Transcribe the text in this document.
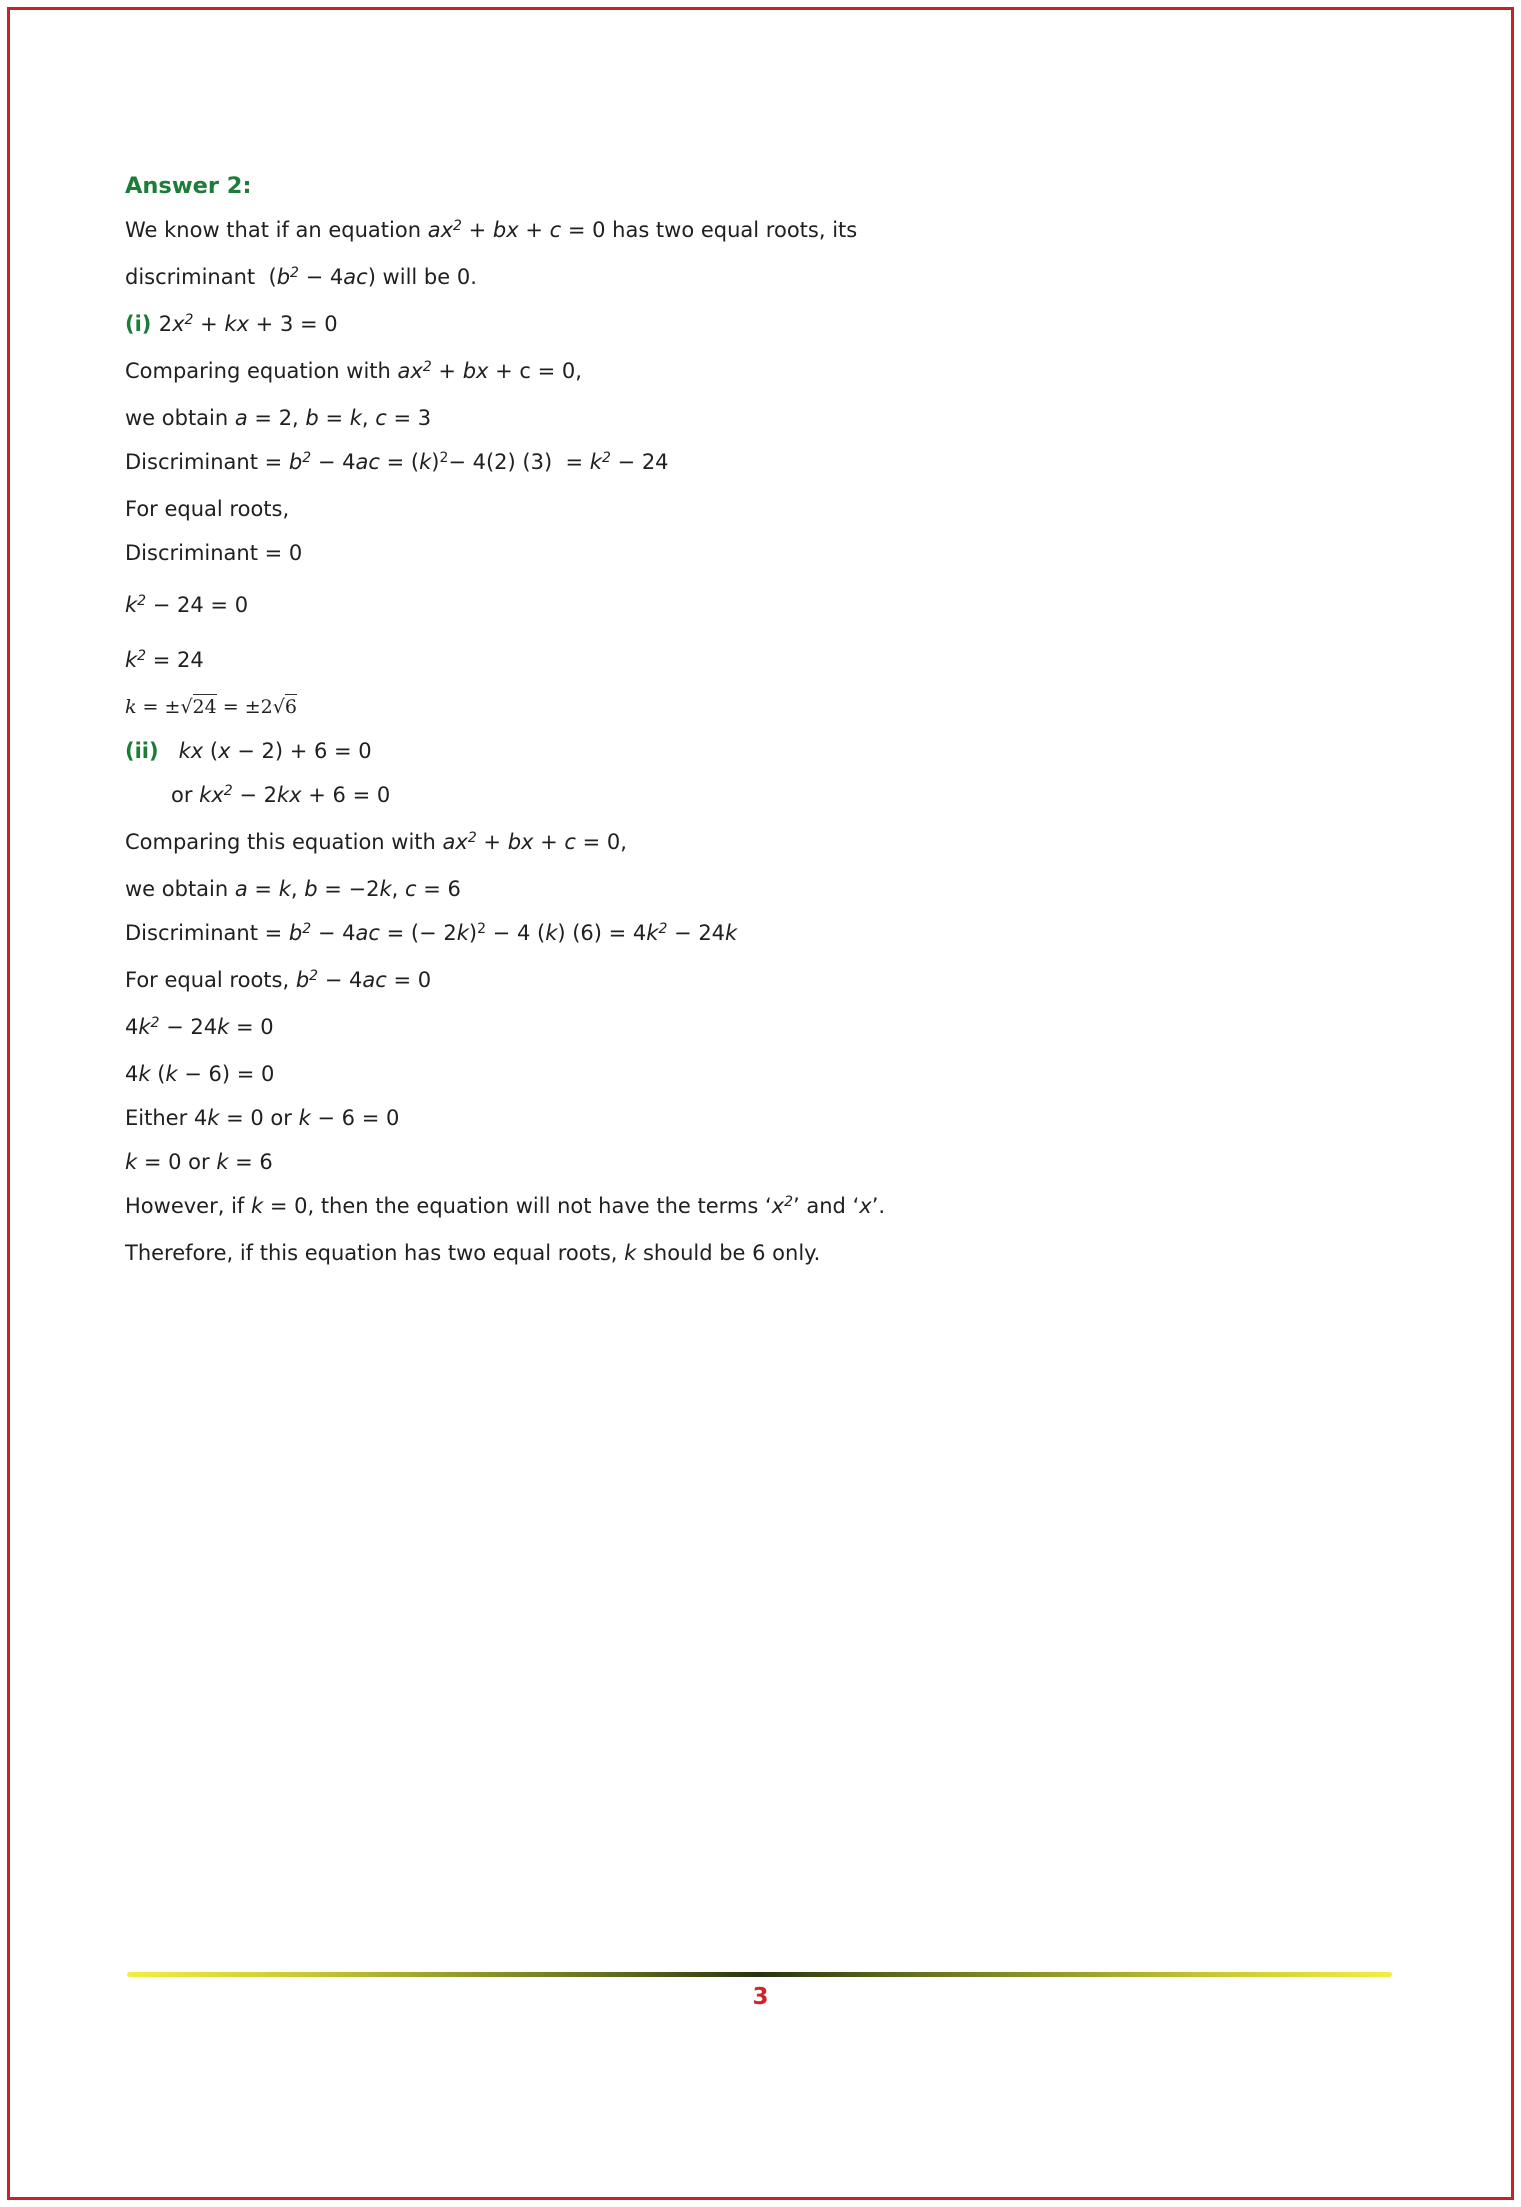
Answer 2:

We know that if an equation $ax^2$ + bx + c = 0 has two equal roots, its discriminant  $(b^2 - 4ac)$ will be 0.

(i) $2x^2$ + kx + 3 = 0

Comparing equation with $ax^2$ + bx + c = 0,

we obtain a = 2, b = k, c = 3

Discriminant = $b^2 - 4ac = (k)^2- 4(2) (3) = k^2 - 24$

For equal roots,

Discriminant = 0

$k^2 - 24 = 0$

$k^2 = 24$

k = ±√24 = ±2√6

(ii) kx (x − 2) + 6 = 0

or $kx^2 - 2kx + 6 = 0$

Comparing this equation with $ax^2$ + bx + c = 0,

we obtain a = k, b = −2k, c = 6

Discriminant = $b^2 - 4ac$ = (− 2k)$^2$ − 4 (k) $(6) = 4k^2 - 24k$

For equal roots, $b^2 - 4ac = 0$

$4k^2 - 24k = 0$

4k (k − 6) = 0

Either 4k = 0 or k − 6 = 0

k = 0 or k = 6

However, if k = 0, then the equation will not have the terms ‘$x^2$’ and ‘x’.

Therefore, if this equation has two equal roots, k should be 6 only.

3
